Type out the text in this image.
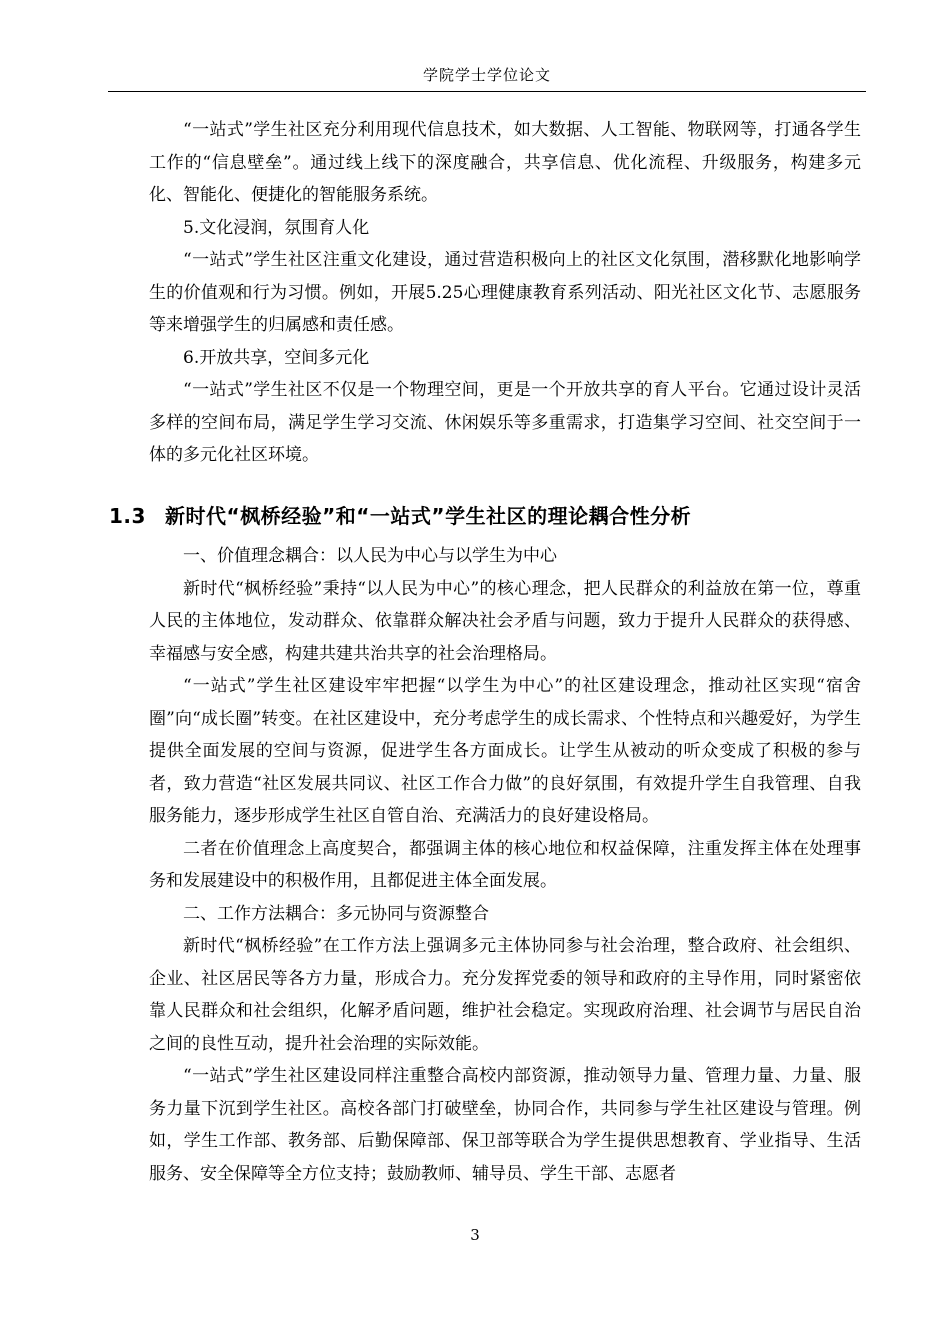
学院学士学位论文

“一站式”学生社区充分利用现代信息技术，如大数据、人工智能、物联网等，打通各学生工作的“信息壁垒”。通过线上线下的深度融合，共享信息、优化流程、升级服务，构建多元化、智能化、便捷化的智能服务系统。

5.文化浸润，氛围育人化

“一站式”学生社区注重文化建设，通过营造积极向上的社区文化氛围，潜移默化地影响学生的价值观和行为习惯。例如，开展5.25心理健康教育系列活动、阳光社区文化节、志愿服务等来增强学生的归属感和责任感。

6.开放共享，空间多元化

“一站式”学生社区不仅是一个物理空间，更是一个开放共享的育人平台。它通过设计灵活多样的空间布局，满足学生学习交流、休闲娱乐等多重需求，打造集学习空间、社交空间于一体的多元化社区环境。

1.3 新时代“枫桥经验”和“一站式”学生社区的理论耦合性分析

一、价值理念耦合：以人民为中心与以学生为中心

新时代“枫桥经验”秉持“以人民为中心”的核心理念，把人民群众的利益放在第一位，尊重人民的主体地位，发动群众、依靠群众解决社会矛盾与问题，致力于提升人民群众的获得感、幸福感与安全感，构建共建共治共享的社会治理格局。

“一站式”学生社区建设牢牢把握“以学生为中心”的社区建设理念，推动社区实现“宿舍圈”向“成长圈”转变。在社区建设中，充分考虑学生的成长需求、个性特点和兴趣爱好，为学生提供全面发展的空间与资源，促进学生各方面成长。让学生从被动的听众变成了积极的参与者，致力营造“社区发展共同议、社区工作合力做”的良好氛围，有效提升学生自我管理、自我服务能力，逐步形成学生社区自管自治、充满活力的良好建设格局。

二者在价值理念上高度契合，都强调主体的核心地位和权益保障，注重发挥主体在处理事务和发展建设中的积极作用，且都促进主体全面发展。

二、工作方法耦合：多元协同与资源整合

新时代“枫桥经验”在工作方法上强调多元主体协同参与社会治理，整合政府、社会组织、企业、社区居民等各方力量，形成合力。充分发挥党委的领导和政府的主导作用，同时紧密依靠人民群众和社会组织，化解矛盾问题，维护社会稳定。实现政府治理、社会调节与居民自治之间的良性互动，提升社会治理的实际效能。

“一站式”学生社区建设同样注重整合高校内部资源，推动领导力量、管理力量、力量、服务力量下沉到学生社区。高校各部门打破壁垒，协同合作，共同参与学生社区建设与管理。例如，学生工作部、教务部、后勤保障部、保卫部等联合为学生提供思想教育、学业指导、生活服务、安全保障等全方位支持；鼓励教师、辅导员、学生干部、志愿者

3
